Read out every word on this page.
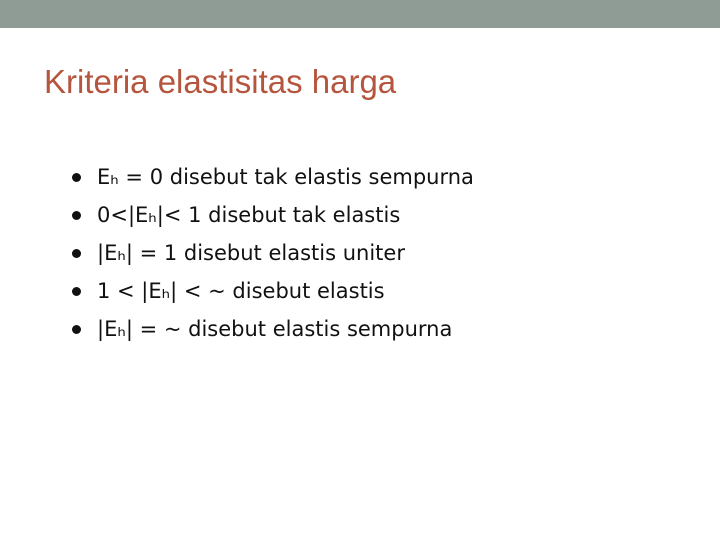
Kriteria elastisitas harga
Eₕ = 0 disebut tak elastis sempurna
0<|Eₕ|< 1 disebut tak elastis
|Eₕ| = 1 disebut elastis uniter
1 < |Eₕ| < ~ disebut elastis
|Eₕ| = ~ disebut elastis sempurna
